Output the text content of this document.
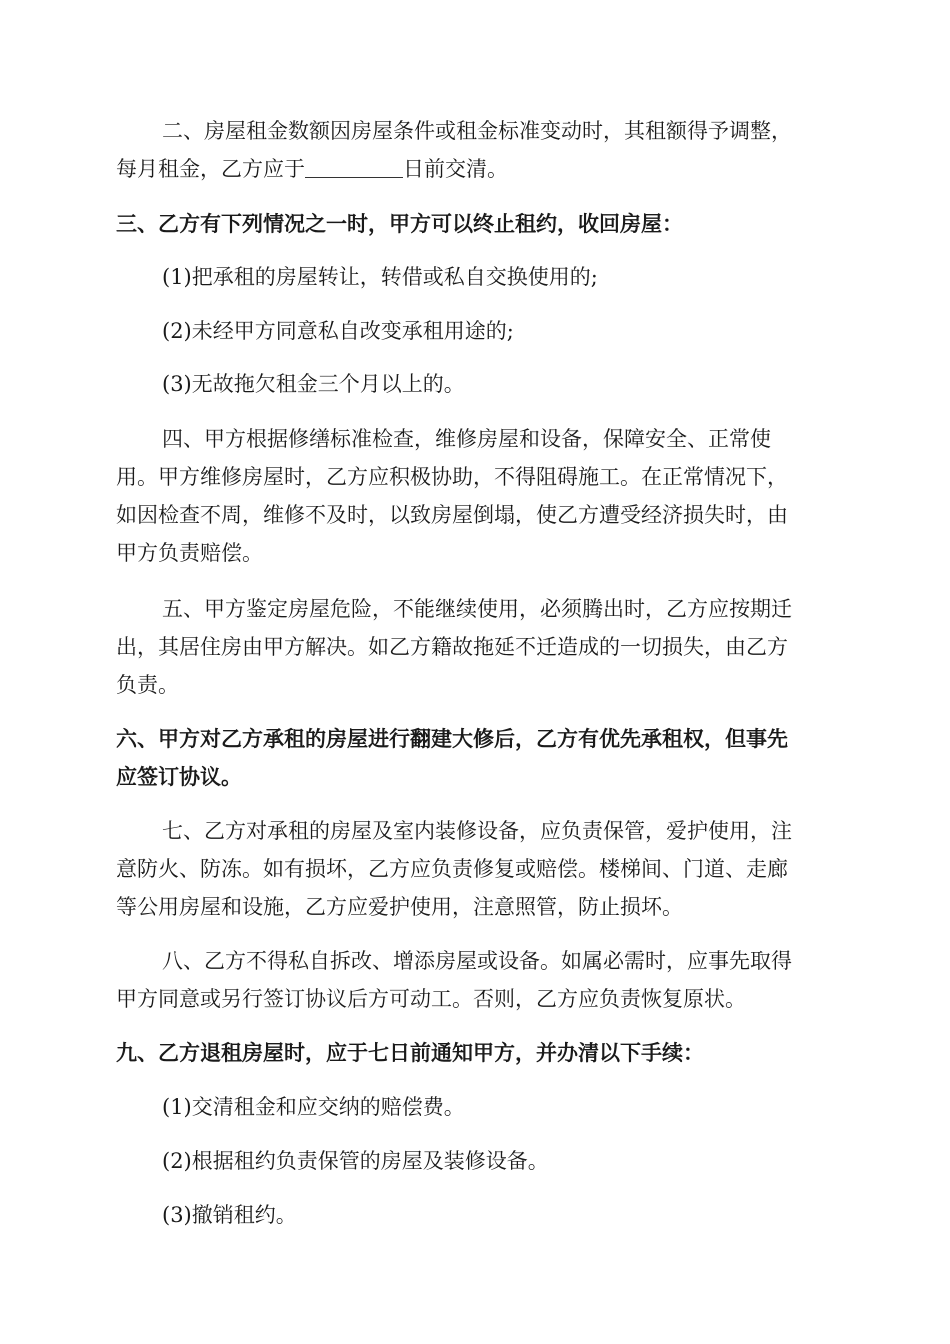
二、房屋租金数额因房屋条件或租金标准变动时，其租额得予调整，

每月租金，乙方应于	日前交清。

三、乙方有下列情况之一时，甲方可以终止租约，收回房屋：

(1)把承租的房屋转让，转借或私自交换使用的;

(2)未经甲方同意私自改变承租用途的;

(3)无故拖欠租金三个月以上的。

四、甲方根据修缮标准检查，维修房屋和设备，保障安全、正常使

用。甲方维修房屋时，乙方应积极协助，不得阻碍施工。在正常情况下，

如因检查不周，维修不及时，以致房屋倒塌，使乙方遭受经济损失时，由

甲方负责赔偿。

五、甲方鉴定房屋危险，不能继续使用，必须腾出时，乙方应按期迁

出，其居住房由甲方解决。如乙方籍故拖延不迁造成的一切损失，由乙方

负责。

六、甲方对乙方承租的房屋进行翻建大修后，乙方有优先承租权，但事先

应签订协议。

七、乙方对承租的房屋及室内装修设备，应负责保管，爱护使用，注

意防火、防冻。如有损坏，乙方应负责修复或赔偿。楼梯间、门道、走廊

等公用房屋和设施，乙方应爱护使用，注意照管，防止损坏。

八、乙方不得私自拆改、增添房屋或设备。如属必需时，应事先取得

甲方同意或另行签订协议后方可动工。否则，乙方应负责恢复原状。

九、乙方退租房屋时，应于七日前通知甲方，并办清以下手续：

(1)交清租金和应交纳的赔偿费。

(2)根据租约负责保管的房屋及装修设备。

(3)撤销租约。
